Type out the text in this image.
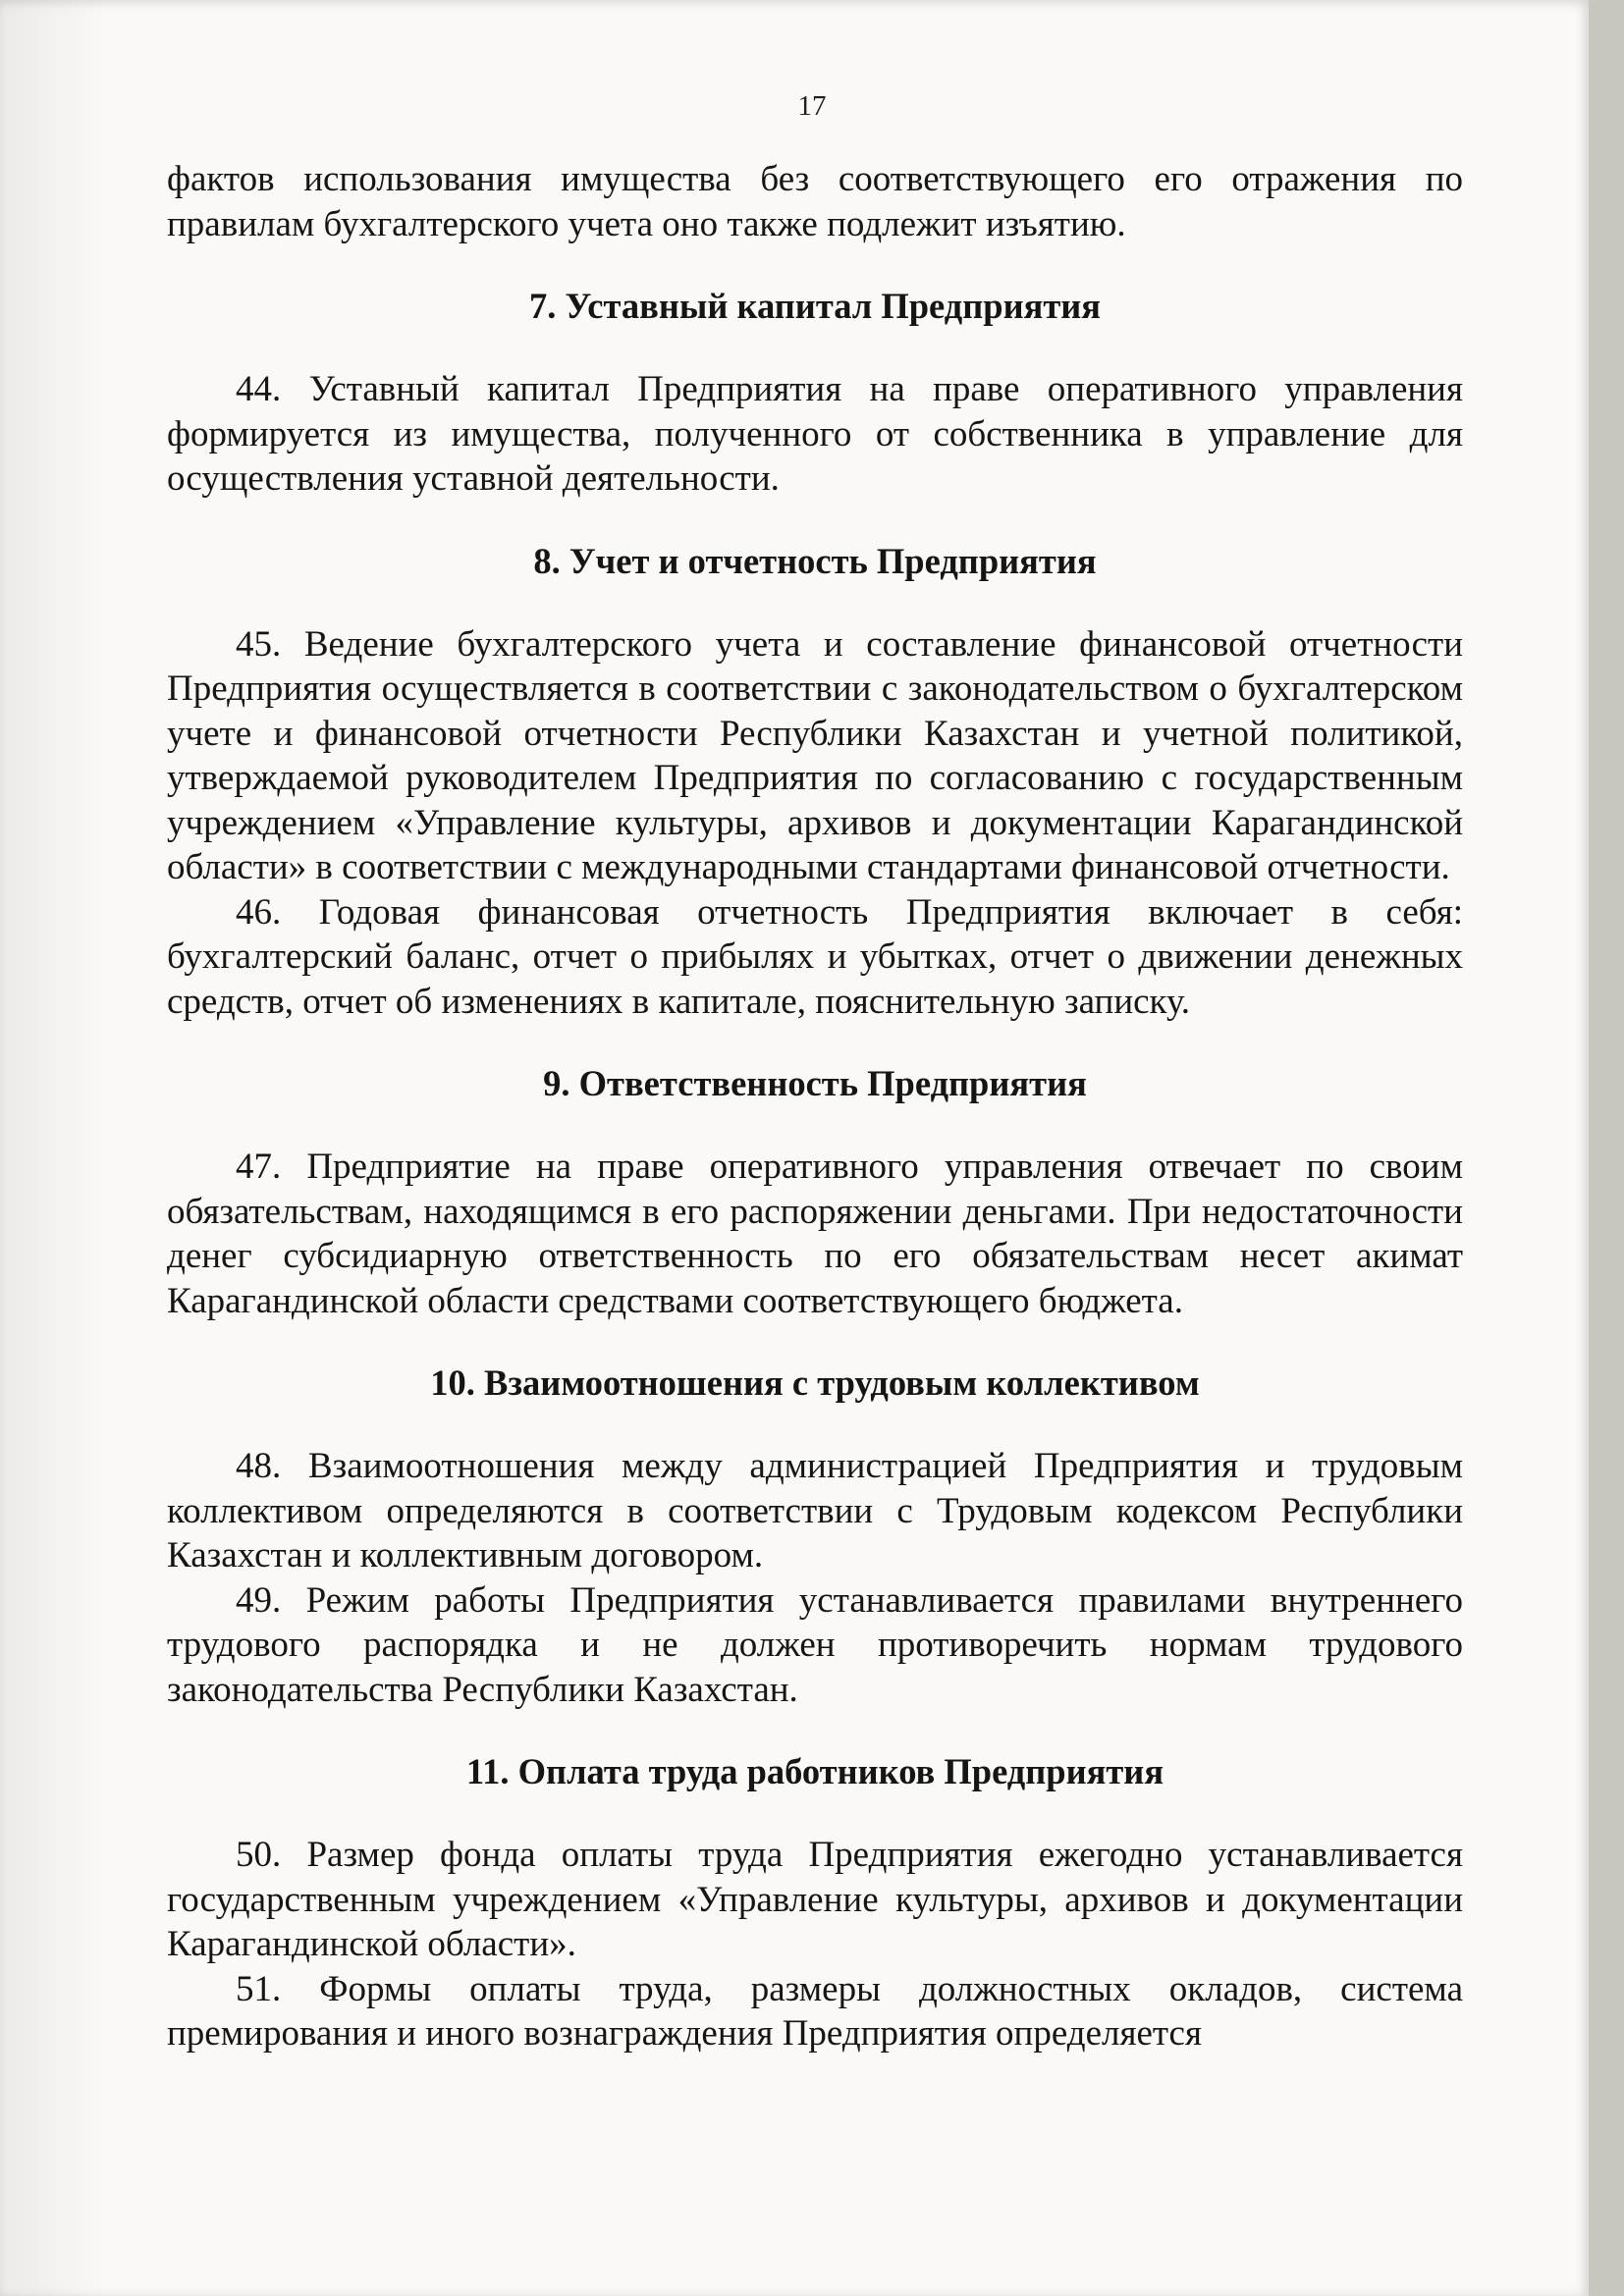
17

фактов использования имущества без соответствующего его отражения по правилам бухгалтерского учета оно также подлежит изъятию.

7. Уставный капитал Предприятия

44. Уставный капитал Предприятия на праве оперативного управления формируется из имущества, полученного от собственника в управление для осуществления уставной деятельности.

8. Учет и отчетность Предприятия

45. Ведение бухгалтерского учета и составление финансовой отчетности Предприятия осуществляется в соответствии с законодательством о бухгалтерском учете и финансовой отчетности Республики Казахстан и учетной политикой, утверждаемой руководителем Предприятия по согласованию с государственным учреждением «Управление культуры, архивов и документации Карагандинской области» в соответствии с международными стандартами финансовой отчетности.

46. Годовая финансовая отчетность Предприятия включает в себя: бухгалтерский баланс, отчет о прибылях и убытках, отчет о движении денежных средств, отчет об изменениях в капитале, пояснительную записку.

9. Ответственность Предприятия

47. Предприятие на праве оперативного управления отвечает по своим обязательствам, находящимся в его распоряжении деньгами. При недостаточности денег субсидиарную ответственность по его обязательствам несет акимат Карагандинской области средствами соответствующего бюджета.

10. Взаимоотношения с трудовым коллективом

48. Взаимоотношения между администрацией Предприятия и трудовым коллективом определяются в соответствии с Трудовым кодексом Республики Казахстан и коллективным договором.

49. Режим работы Предприятия устанавливается правилами внутреннего трудового распорядка и не должен противоречить нормам трудового законодательства Республики Казахстан.

11. Оплата труда работников Предприятия

50. Размер фонда оплаты труда Предприятия ежегодно устанавливается государственным учреждением «Управление культуры, архивов и документации Карагандинской области».

51. Формы оплаты труда, размеры должностных окладов, система премирования и иного вознаграждения Предприятия определяется
